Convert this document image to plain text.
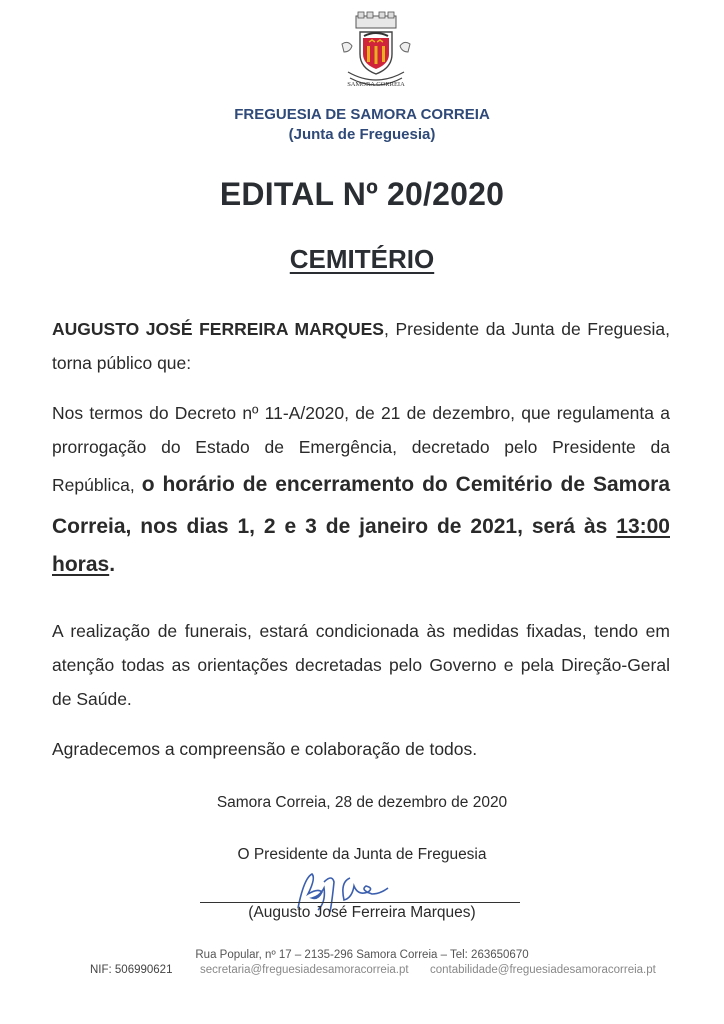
SAMORA CORREIA
FREGUESIA DE SAMORA CORREIA
(Junta de Freguesia)
EDITAL Nº 20/2020
CEMITÉRIO
AUGUSTO JOSÉ FERREIRA MARQUES, Presidente da Junta de Freguesia, torna público que:
Nos termos do Decreto nº 11-A/2020, de 21 de dezembro, que regulamenta a prorrogação do Estado de Emergência, decretado pelo Presidente da República, o horário de encerramento do Cemitério de Samora Correia, nos dias 1, 2 e 3 de janeiro de 2021, será às 13:00 horas.
A realização de funerais, estará condicionada às medidas fixadas, tendo em atenção todas as orientações decretadas pelo Governo e pela Direção-Geral de Saúde.
Agradecemos a compreensão e colaboração de todos.
Samora Correia, 28 de dezembro de 2020
O Presidente da Junta de Freguesia
(Augusto José Ferreira Marques)
Rua Popular, nº 17 – 2135-296 Samora Correia – Tel: 263650670
NIF: 506990621 secretaria@freguesiadesamoracorreia.pt contabilidade@freguesiadesamoracorreia.pt
